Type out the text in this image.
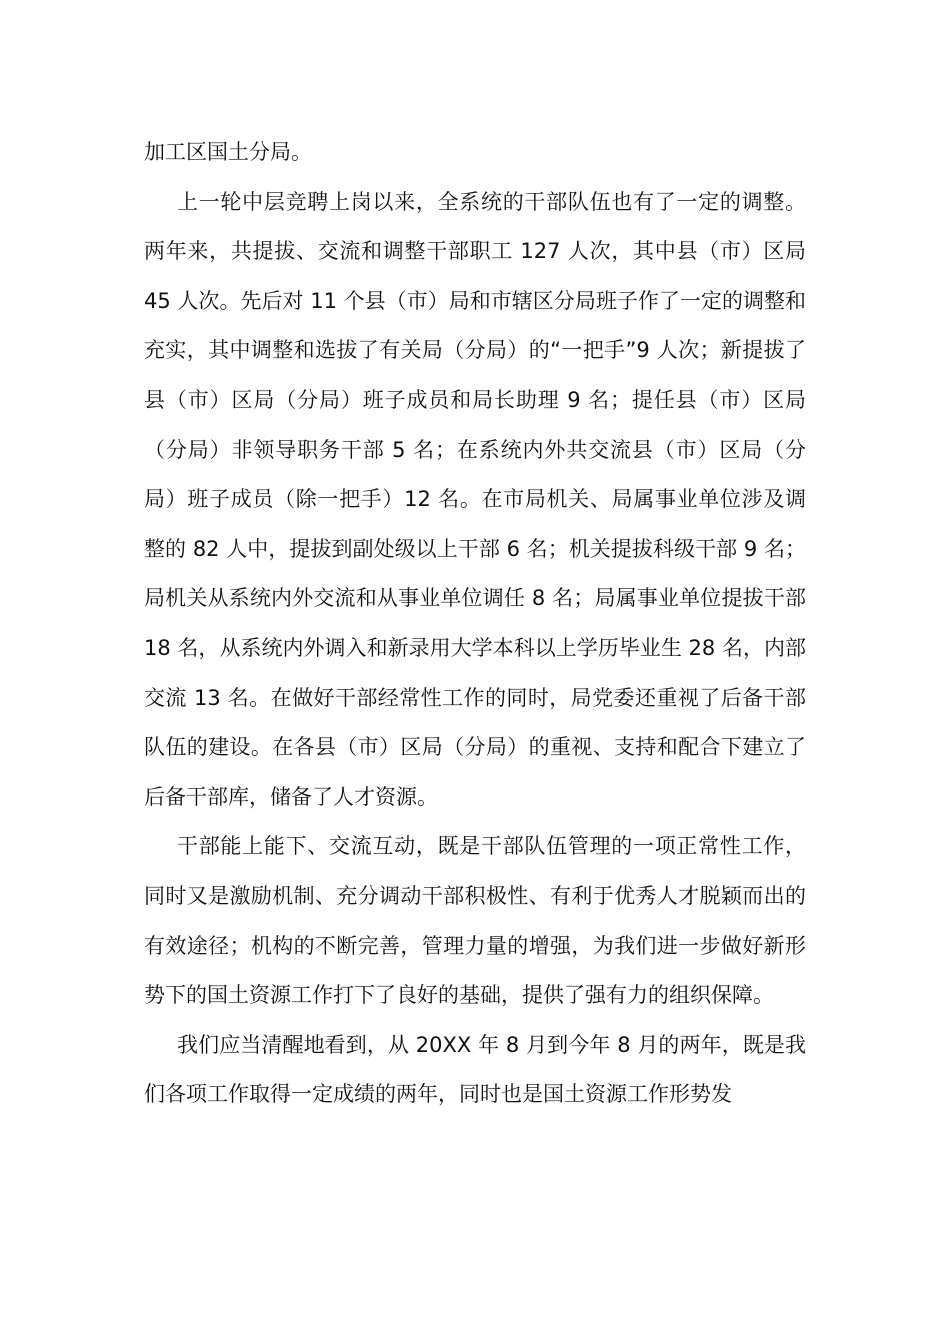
加工区国土分局。

上一轮中层竞聘上岗以来，全系统的干部队伍也有了一定的调整。两年来，共提拔、交流和调整干部职工 127 人次，其中县（市）区局 45 人次。先后对 11 个县（市）局和市辖区分局班子作了一定的调整和充实，其中调整和选拔了有关局（分局）的“一把手”9 人次；新提拔了县（市）区局（分局）班子成员和局长助理 9 名；提任县（市）区局（分局）非领导职务干部 5 名；在系统内外共交流县（市）区局（分局）班子成员（除一把手）12 名。在市局机关、局属事业单位涉及调整的 82 人中，提拔到副处级以上干部 6 名；机关提拔科级干部 9 名；局机关从系统内外交流和从事业单位调任 8 名；局属事业单位提拔干部 18 名，从系统内外调入和新录用大学本科以上学历毕业生 28 名，内部交流 13 名。在做好干部经常性工作的同时，局党委还重视了后备干部队伍的建设。在各县（市）区局（分局）的重视、支持和配合下建立了后备干部库，储备了人才资源。

干部能上能下、交流互动，既是干部队伍管理的一项正常性工作，同时又是激励机制、充分调动干部积极性、有利于优秀人才脱颖而出的有效途径；机构的不断完善，管理力量的增强，为我们进一步做好新形势下的国土资源工作打下了良好的基础，提供了强有力的组织保障。

我们应当清醒地看到，从 20XX 年 8 月到今年 8 月的两年，既是我们各项工作取得一定成绩的两年，同时也是国土资源工作形势发
